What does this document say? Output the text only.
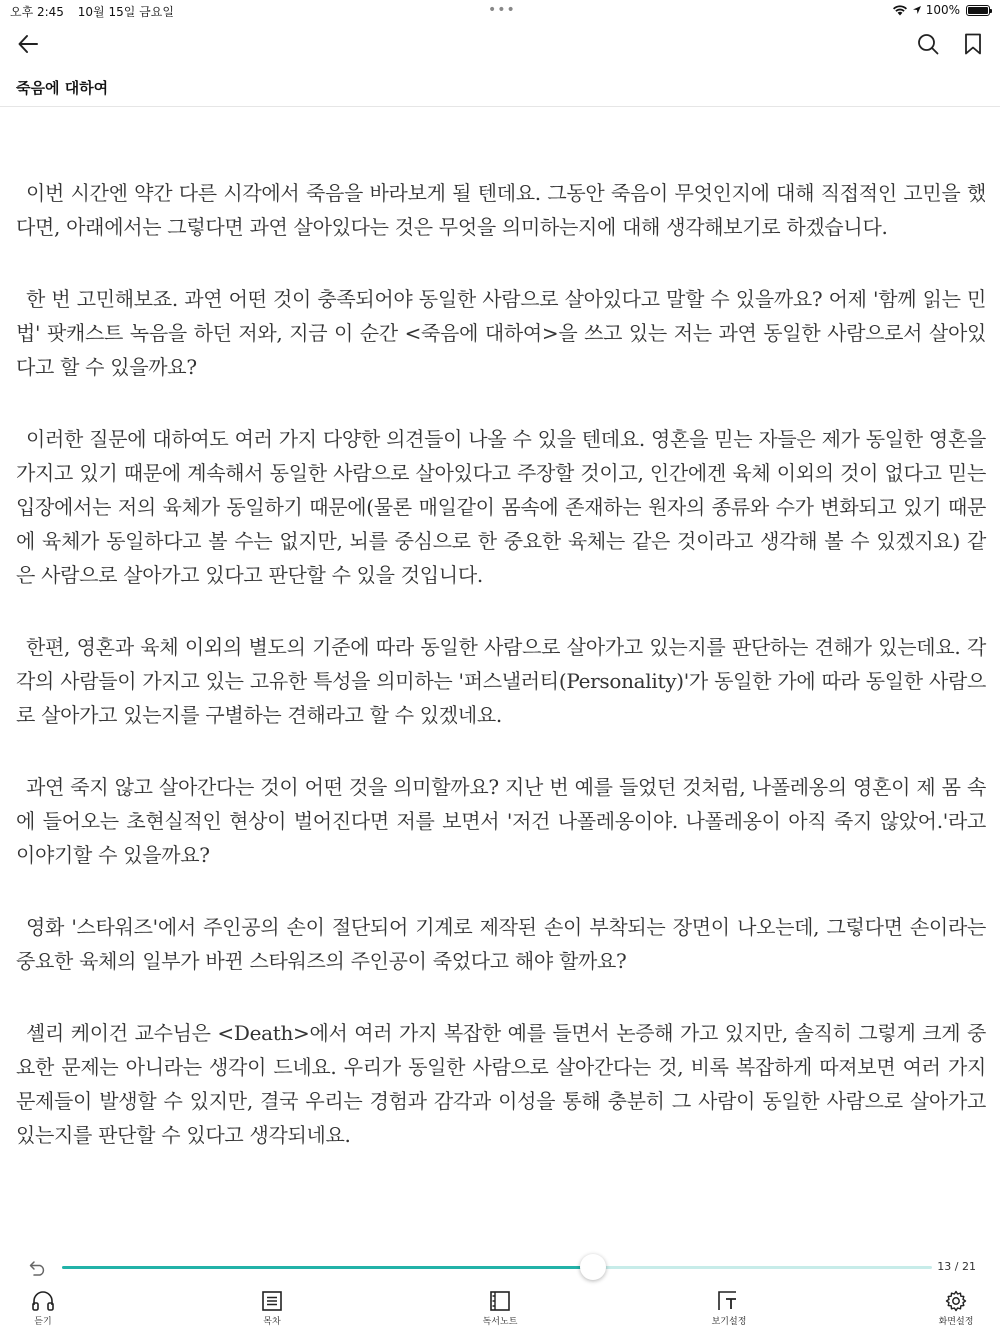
오후 2:45 10월 15일 금요일	•••	100%
죽음에 대하여

이번 시간엔 약간 다른 시각에서 죽음을 바라보게 될 텐데요. 그동안 죽음이 무엇인지에 대해 직접적인 고민을 했다면, 아래에서는 그렇다면 과연 살아있다는 것은 무엇을 의미하는지에 대해 생각해보기로 하겠습니다.

한 번 고민해보죠. 과연 어떤 것이 충족되어야 동일한 사람으로 살아있다고 말할 수 있을까요? 어제 '함께 읽는 민법' 팟캐스트 녹음을 하던 저와, 지금 이 순간 <죽음에 대하여>을 쓰고 있는 저는 과연 동일한 사람으로서 살아있다고 할 수 있을까요?

이러한 질문에 대하여도 여러 가지 다양한 의견들이 나올 수 있을 텐데요. 영혼을 믿는 자들은 제가 동일한 영혼을 가지고 있기 때문에 계속해서 동일한 사람으로 살아있다고 주장할 것이고, 인간에겐 육체 이외의 것이 없다고 믿는 입장에서는 저의 육체가 동일하기 때문에(물론 매일같이 몸속에 존재하는 원자의 종류와 수가 변화되고 있기 때문에 육체가 동일하다고 볼 수는 없지만, 뇌를 중심으로 한 중요한 육체는 같은 것이라고 생각해 볼 수 있겠지요) 같은 사람으로 살아가고 있다고 판단할 수 있을 것입니다.

한편, 영혼과 육체 이외의 별도의 기준에 따라 동일한 사람으로 살아가고 있는지를 판단하는 견해가 있는데요. 각각의 사람들이 가지고 있는 고유한 특성을 의미하는 '퍼스낼러티(Personality)'가 동일한 가에 따라 동일한 사람으로 살아가고 있는지를 구별하는 견해라고 할 수 있겠네요.

과연 죽지 않고 살아간다는 것이 어떤 것을 의미할까요? 지난 번 예를 들었던 것처럼, 나폴레옹의 영혼이 제 몸 속에 들어오는 초현실적인 현상이 벌어진다면 저를 보면서 '저건 나폴레옹이야. 나폴레옹이 아직 죽지 않았어.'라고 이야기할 수 있을까요?

영화 '스타워즈'에서 주인공의 손이 절단되어 기계로 제작된 손이 부착되는 장면이 나오는데, 그렇다면 손이라는 중요한 육체의 일부가 바뀐 스타워즈의 주인공이 죽었다고 해야 할까요?

셸리 케이건 교수님은 <Death>에서 여러 가지 복잡한 예를 들면서 논증해 가고 있지만, 솔직히 그렇게 크게 중요한 문제는 아니라는 생각이 드네요. 우리가 동일한 사람으로 살아간다는 것, 비록 복잡하게 따져보면 여러 가지 문제들이 발생할 수 있지만, 결국 우리는 경험과 감각과 이성을 통해 충분히 그 사람이 동일한 사람으로 살아가고 있는지를 판단할 수 있다고 생각되네요.

13 / 21
듣기	목차	독서노트	보기설정	화면설정
